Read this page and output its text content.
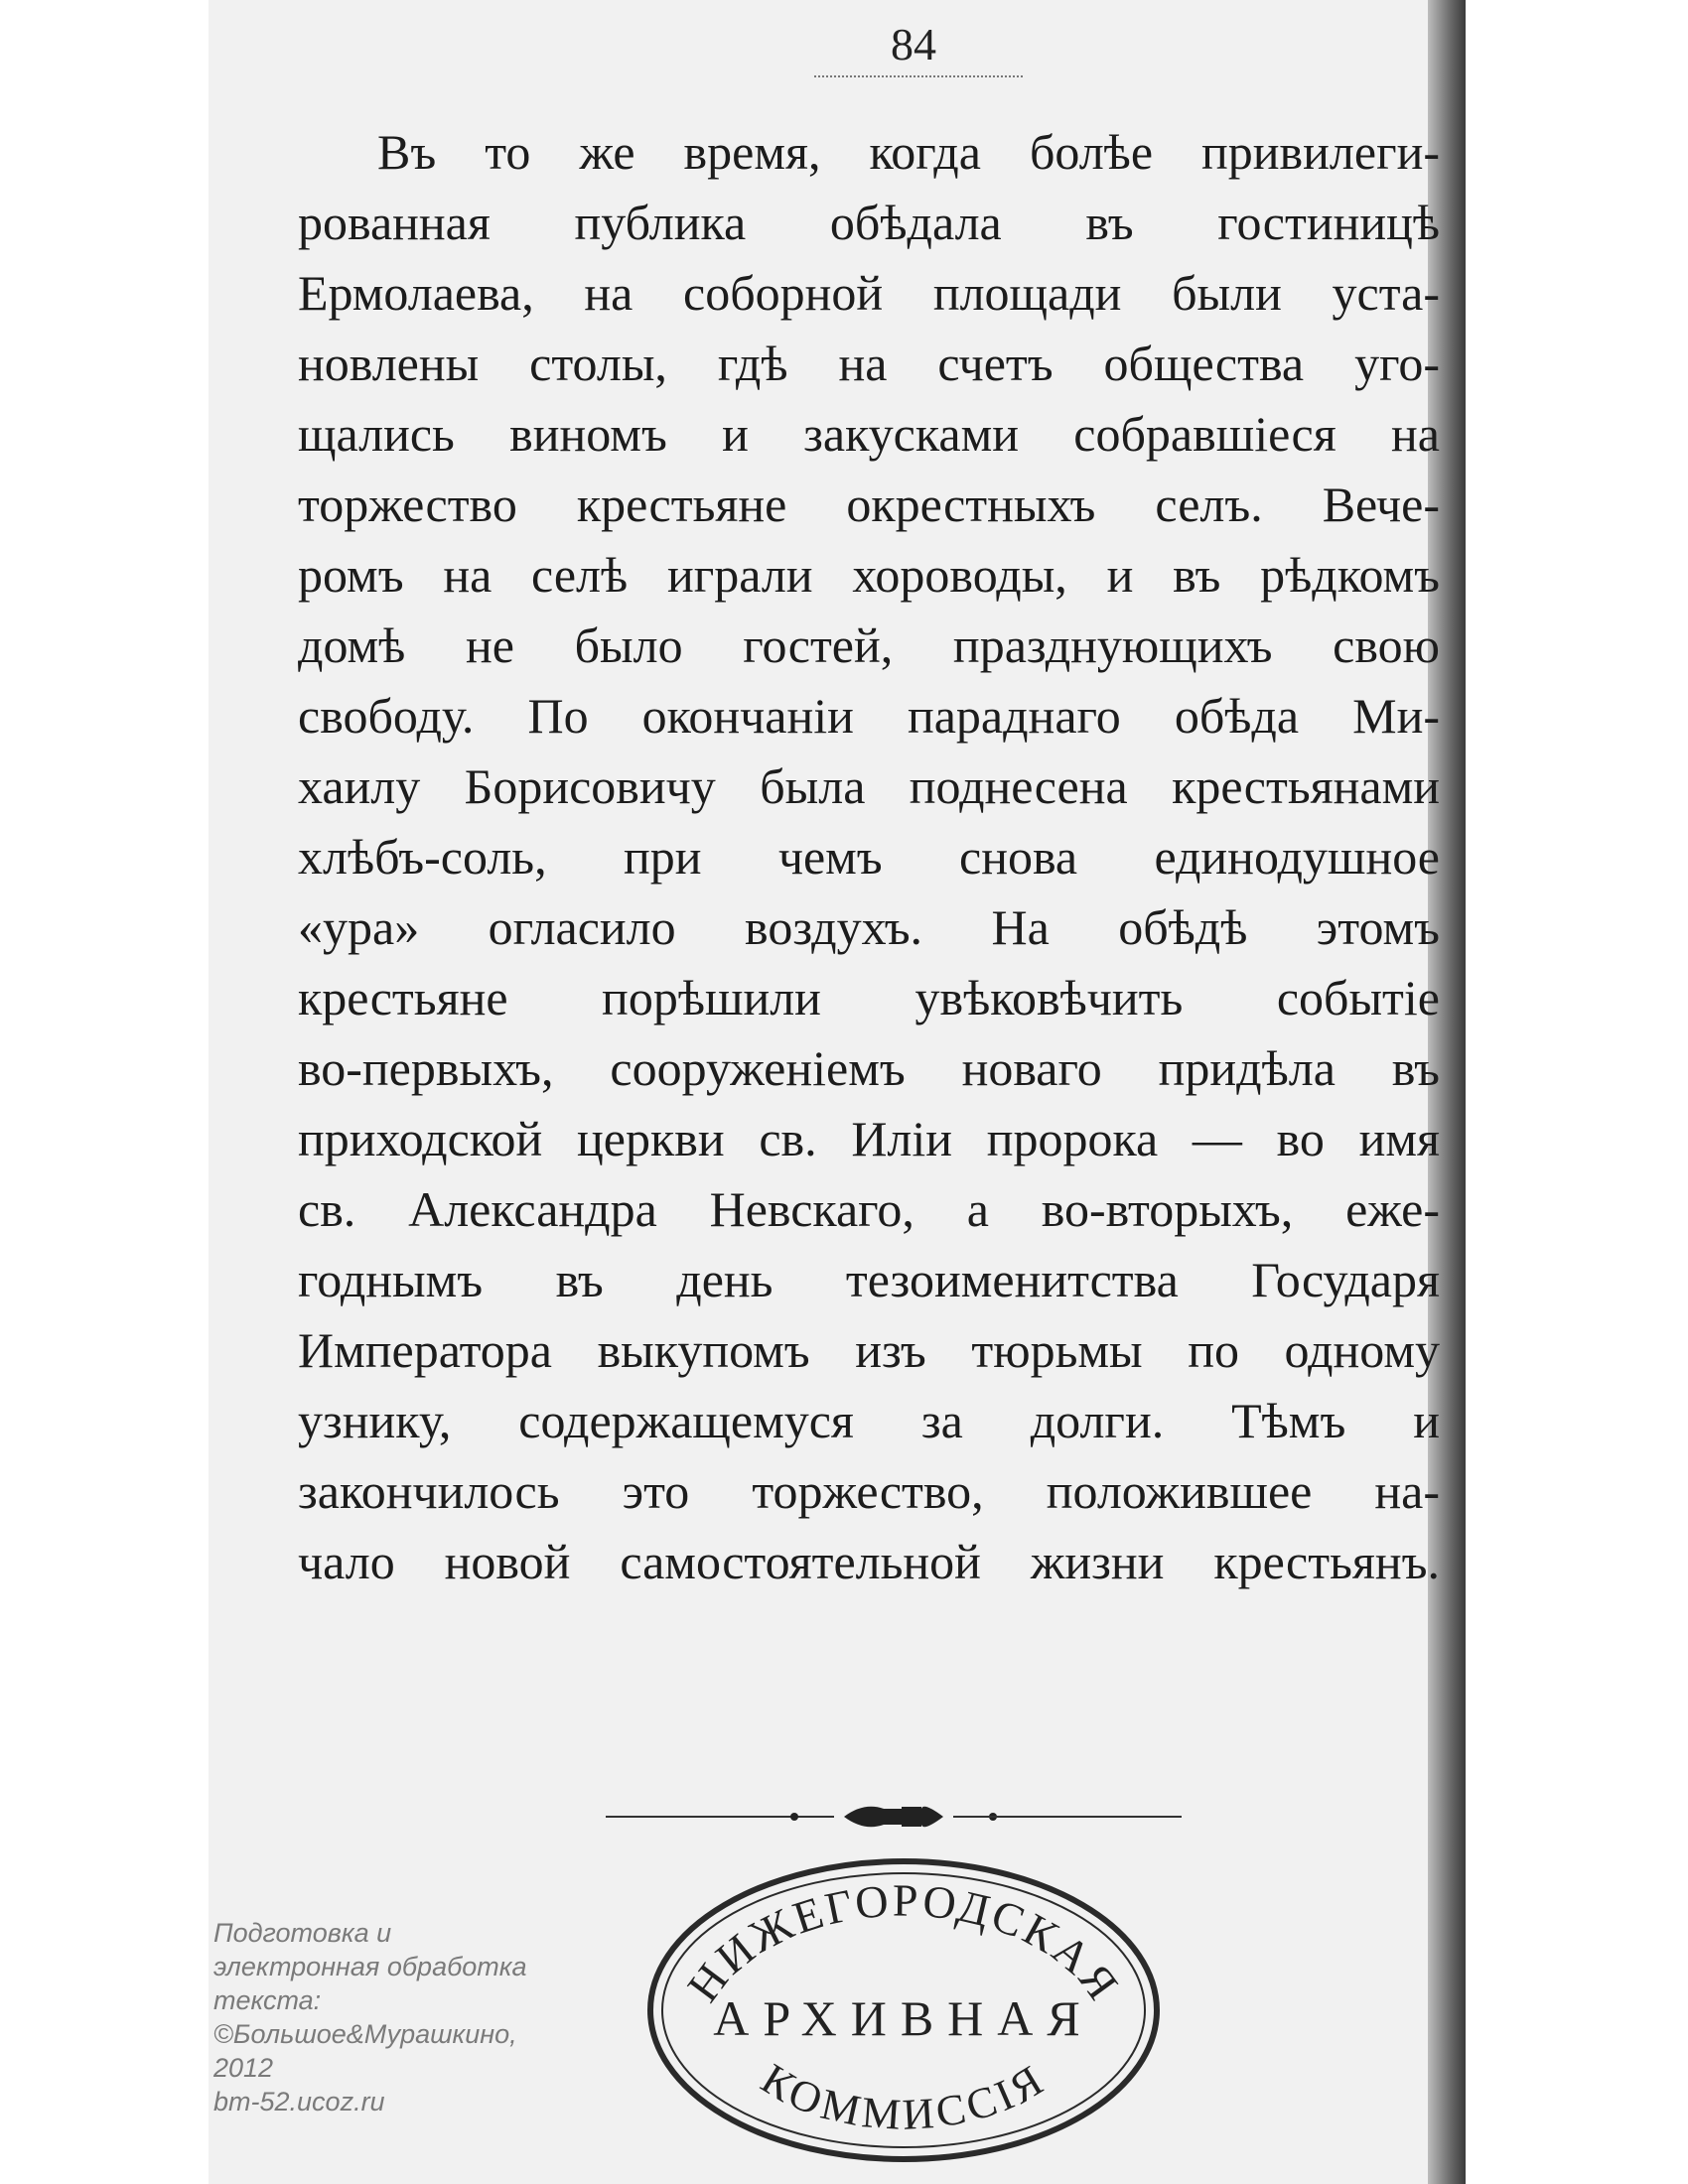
84
Въ то же время, когда болѣе привилеги-
рованная публика обѣдала въ гостиницѣ
Ермолаева, на соборной площади были уста-
новлены столы, гдѣ на счетъ общества уго-
щались виномъ и закусками собравшіеся на
торжество крестьяне окрестныхъ селъ. Вече-
ромъ на селѣ играли хороводы, и въ рѣдкомъ
домѣ не было гостей, празднующихъ свою
свободу. По окончаніи параднаго обѣда Ми-
хаилу Борисовичу была поднесена крестьянами
хлѣбъ-соль, при чемъ снова единодушное
«ура» огласило воздухъ. На обѣдѣ этомъ
крестьяне порѣшили увѣковѣчить событіе
во-первыхъ, сооруженіемъ новаго придѣла въ
приходской церкви св. Иліи пророка — во имя
св. Александра Невскаго, а во-вторыхъ, еже-
годнымъ въ день тезоименитства Государя
Императора выкупомъ изъ тюрьмы по одному
узнику, содержащемуся за долги. Тѣмъ и
закончилось это торжество, положившее на-
чало новой самостоятельной жизни крестьянъ.
НИЖЕГОРОДСКАЯ
АРХИВНАЯ
КОММИССІЯ
Подготовка и
электронная обработка
текста:
©Большое&Мурашкино,
2012
bm-52.ucoz.ru
